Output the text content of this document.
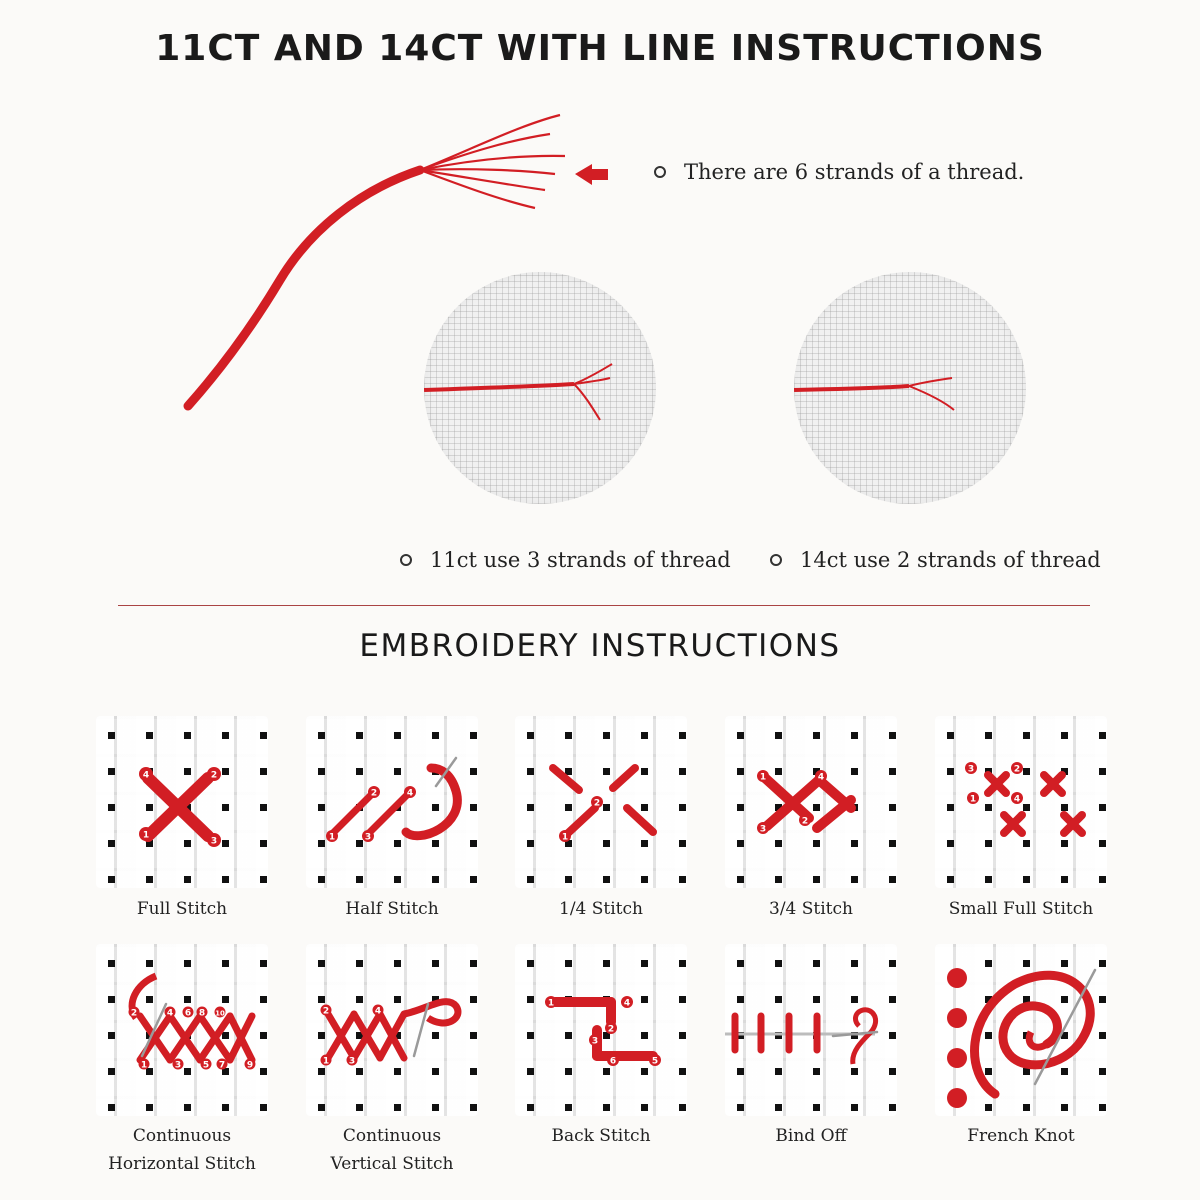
11CT AND 14CT WITH LINE INSTRUCTIONS
There are 6 strands of a thread.
11ct use 3 strands of thread	14ct use 2 strands of thread
EMBROIDERY INSTRUCTIONS
4	2
1
3
2	4
1	3
2
1
1	4
2
3
3	2
1	4
2	4 6 8 10
1	3 5 7 9
2	4
1 3
1	4
2
3
6	5
Full Stitch	Half Stitch	1/4 Stitch	3/4 Stitch	Small Full Stitch
Continuous
Horizontal Stitch
Continuous
Vertical Stitch
Back Stitch	Bind Off	French Knot
